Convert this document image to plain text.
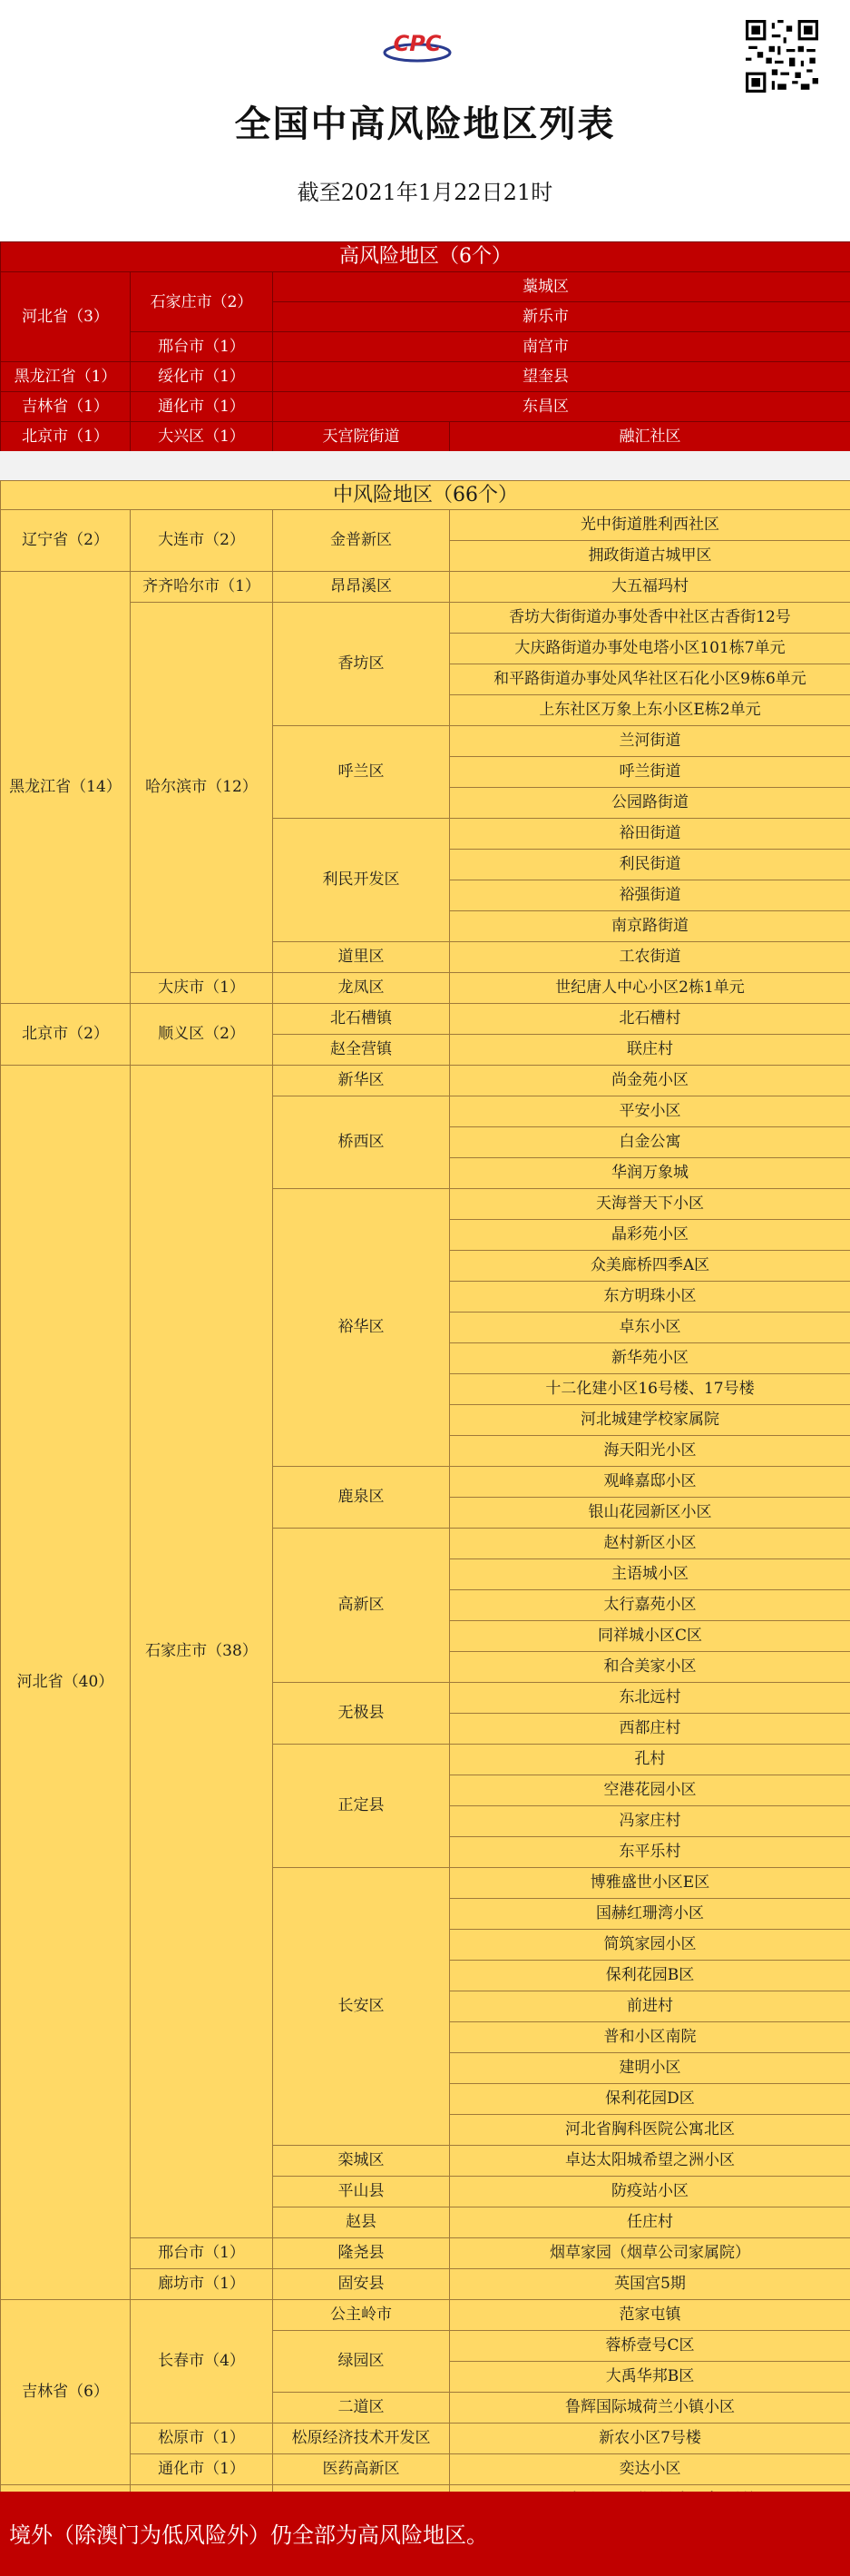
CPC
全国中高风险地区列表
截至2021年1月22日21时
高风险地区（6个）			
河北省（3）	石家庄市（2）	藁城区	
		新乐市	
	邢台市（1）	南宫市	
黑龙江省（1）	绥化市（1）	望奎县	
吉林省（1）	通化市（1）	东昌区	
北京市（1）	大兴区（1）	天宫院街道	融汇社区
中风险地区（66个）			
辽宁省（2）	大连市（2）	金普新区	光中街道胜利西社区
			拥政街道古城甲区
黑龙江省（14）	齐齐哈尔市（1）	昂昂溪区	大五福玛村
	哈尔滨市（12）	香坊区	香坊大街街道办事处香中社区古香街12号
			大庆路街道办事处电塔小区101栋7单元
			和平路街道办事处风华社区石化小区9栋6单元
			上东社区万象上东小区E栋2单元
		呼兰区	兰河街道
			呼兰街道
			公园路街道
		利民开发区	裕田街道
			利民街道
			裕强街道
			南京路街道
		道里区	工农街道
	大庆市（1）	龙凤区	世纪唐人中心小区2栋1单元
北京市（2）	顺义区（2）	北石槽镇	北石槽村
		赵全营镇	联庄村
河北省（40）	石家庄市（38）	新华区	尚金苑小区
		桥西区	平安小区
			白金公寓
			华润万象城
		裕华区	天海誉天下小区
			晶彩苑小区
			众美廊桥四季A区
			东方明珠小区
			卓东小区
			新华苑小区
			十二化建小区16号楼、17号楼
			河北城建学校家属院
			海天阳光小区
		鹿泉区	观峰嘉邸小区
			银山花园新区小区
		高新区	赵村新区小区
			主语城小区
			太行嘉苑小区
			同祥城小区C区
			和合美家小区
		无极县	东北远村
			西都庄村
		正定县	孔村
			空港花园小区
			冯家庄村
			东平乐村
		长安区	博雅盛世小区E区
			国赫红珊湾小区
			简筑家园小区
			保利花园B区
			前进村
			普和小区南院
			建明小区
			保利花园D区
			河北省胸科医院公寓北区
		栾城区	卓达太阳城希望之洲小区
		平山县	防疫站小区
		赵县	任庄村
	邢台市（1）	隆尧县	烟草家园（烟草公司家属院）
	廊坊市（1）	固安县	英国宫5期
吉林省（6）	长春市（4）	公主岭市	范家屯镇
		绿园区	蓉桥壹号C区
			大禹华邦B区
		二道区	鲁辉国际城荷兰小镇小区
	松原市（1）	松原经济技术开发区	新农小区7号楼
	通化市（1）	医药高新区	奕达小区

境外（除澳门为低风险外）仍全部为高风险地区。
